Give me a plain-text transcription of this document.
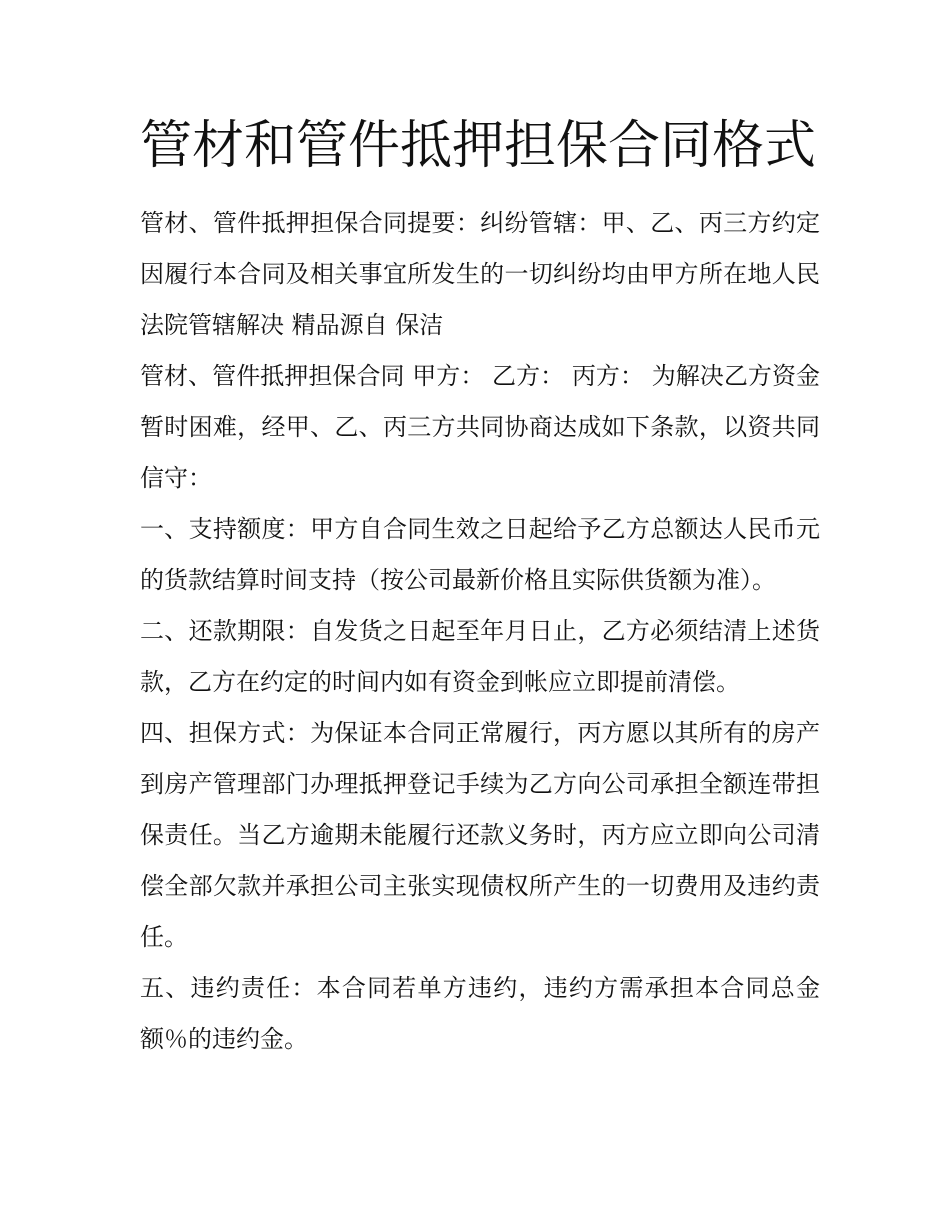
管材和管件抵押担保合同格式

管材、管件抵押担保合同提要：纠纷管辖：甲、乙、丙三方约定因履行本合同及相关事宜所发生的一切纠纷均由甲方所在地人民法院管辖解决 精品源自 保洁

管材、管件抵押担保合同 甲方： 乙方： 丙方： 为解决乙方资金暂时困难，经甲、乙、丙三方共同协商达成如下条款，以资共同信守：

一、支持额度：甲方自合同生效之日起给予乙方总额达人民币元的货款结算时间支持（按公司最新价格且实际供货额为准）。

二、还款期限：自发货之日起至年月日止，乙方必须结清上述货款，乙方在约定的时间内如有资金到帐应立即提前清偿。

四、担保方式：为保证本合同正常履行，丙方愿以其所有的房产到房产管理部门办理抵押登记手续为乙方向公司承担全额连带担保责任。当乙方逾期未能履行还款义务时，丙方应立即向公司清偿全部欠款并承担公司主张实现债权所产生的一切费用及违约责任。

五、违约责任：本合同若单方违约，违约方需承担本合同总金额％的违约金。
